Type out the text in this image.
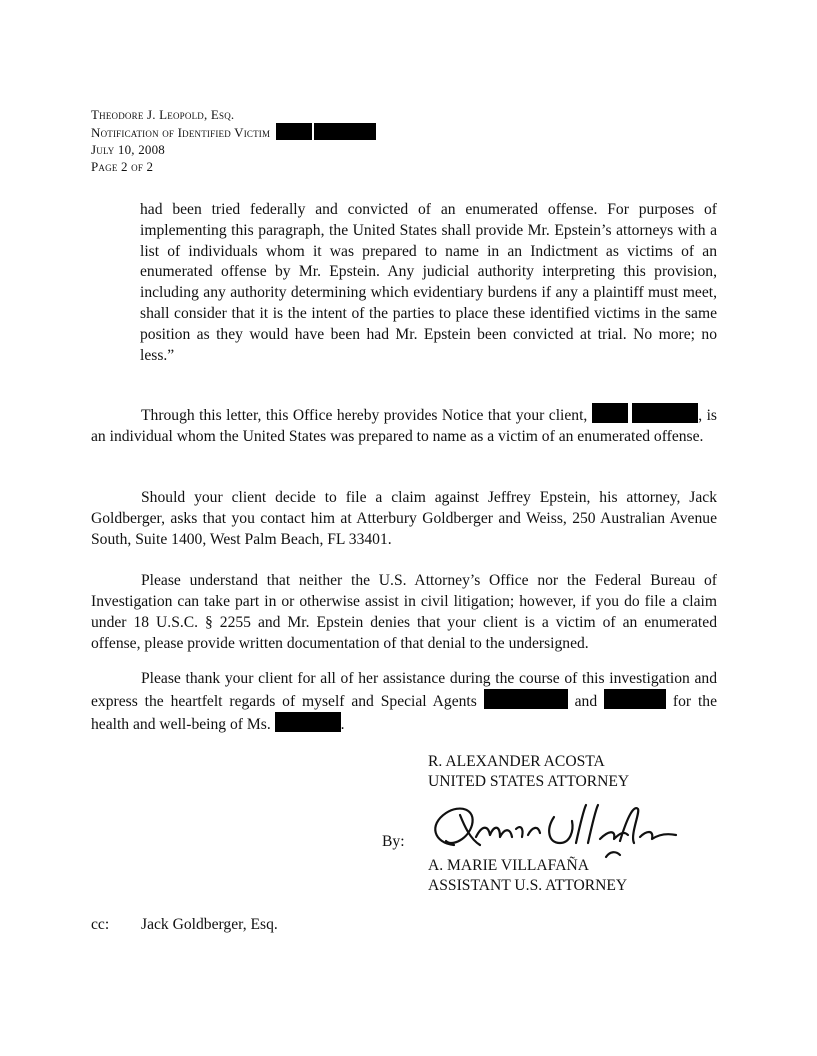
Theodore J. Leopold, Esq.
Notification of Identified Victim
July 10, 2008
Page 2 of 2
had been tried federally and convicted of an enumerated offense. For purposes of implementing this paragraph, the United States shall provide Mr. Epstein’s attorneys with a list of individuals whom it was prepared to name in an Indictment as victims of an enumerated offense by Mr. Epstein. Any judicial authority interpreting this provision, including any authority determining which evidentiary burdens if any a plaintiff must meet, shall consider that it is the intent of the parties to place these identified victims in the same position as they would have been had Mr. Epstein been convicted at trial. No more; no less.”
Through this letter, this Office hereby provides Notice that your client,	, is an individual whom the United States was prepared to name as a victim of an enumerated offense.
Should your client decide to file a claim against Jeffrey Epstein, his attorney, Jack Goldberger, asks that you contact him at Atterbury Goldberger and Weiss, 250 Australian Avenue South, Suite 1400, West Palm Beach, FL 33401.
Please understand that neither the U.S. Attorney’s Office nor the Federal Bureau of Investigation can take part in or otherwise assist in civil litigation; however, if you do file a claim under 18 U.S.C. § 2255 and Mr. Epstein denies that your client is a victim of an enumerated offense, please provide written documentation of that denial to the undersigned.
Please thank your client for all of her assistance during the course of this investigation and express the heartfelt regards of myself and Special Agents	and	for the health and well-being of Ms.	.
R. ALEXANDER ACOSTA
UNITED STATES ATTORNEY
By:
A. MARIE VILLAFAÑA
ASSISTANT U.S. ATTORNEY
cc: Jack Goldberger, Esq.
